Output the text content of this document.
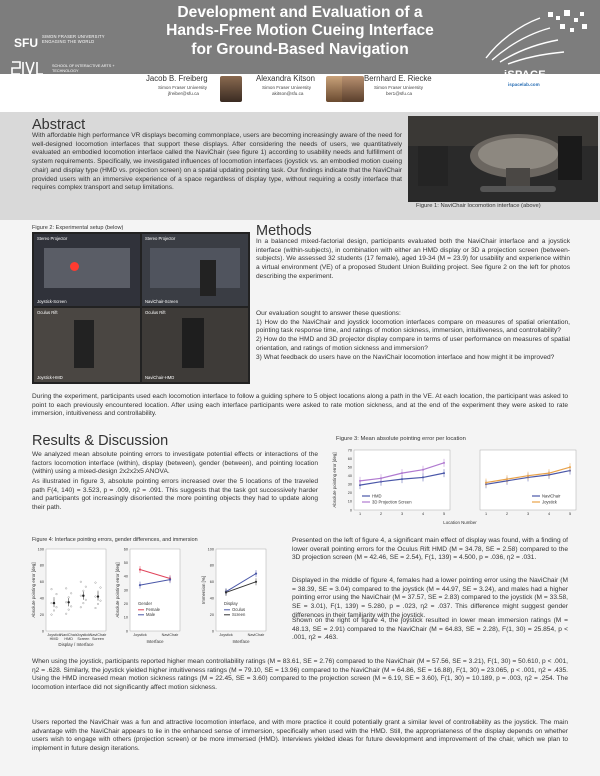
SFU SIMON FRASER UNIVERSITY ENGAGING THE WORLD
SCHOOL OF INTERACTIVE ARTS + TECHNOLOGY
Development and Evaluation of a
Hands-Free Motion Cueing Interface
for Ground-Based Navigation
Jacob B. Freiberg
Simon Fraser University
jfreiber@sfu.ca
Alexandra Kitson
Simon Fraser University
akitson@sfu.ca
Bernhard E. Riecke
Simon Fraser University
ber1@sfu.ca
iSPACE
ispacelab.com
Abstract

With affordable high performance VR displays becoming commonplace, users are becoming increasingly aware of the need for well-designed locomotion interfaces that support these displays. After considering the needs of users, we quantitatively evaluated an embodied locomotion interface called the NaviChair (see figure 1) according to usability needs and fulfillment of system requirements. Specifically, we investigated influences of locomotion interfaces (joystick vs. an embodied motion cueing chair) and display type (HMD vs. projection screen) on a spatial updating pointing task. Our findings indicate that the NaviChair provided users with an immersive experience of a space regardless of display type, without requiring a costly interface that requires complex transport and setup limitations.

Figure 1: NaviChair locomotion interface (above)
Figure 2: Experimental setup (below)
Stereo Projector
Joystick-Screen
Stereo Projector
NaviChair-Screen
Oculus Rift
Joystick-HMD
Oculus Rift
NaviChair-HMD
Methods

In a balanced mixed-factorial design, participants evaluated both the NaviChair interface and a joystick interface (within-subjects), in combination with either an HMD display or 3D a projection screen (between-subjects). We assessed 32 students (17 female), aged 19-34 (M = 23.9) for usability and experience within a virtual environment (VE) of a proposed Student Union Building project. See figure 2 on the left for photos describing the experiment.

Our evaluation sought to answer these questions:
1) How do the NaviChair and joystick locomotion interfaces compare on measures of spatial orientation, pointing task response time, and ratings of motion sickness, immersion, intuitiveness, and controllability?
2) How do the HMD and 3D projector display compare in terms of user performance on measures of spatial orientation, and ratings of motion sickness and immersion?
3) What feedback do users have on the NaviChair locomotion interface and how might it be improved?

During the experiment, participants used each locomotion interface to follow a guiding sphere to 5 object locations along a path in the VE. At each location, the participant was asked to point to each previously encountered location. After using each interface participants were asked to rate motion sickness, and at the end of the experiment they were asked to rate immersion, intuitiveness and controllability.

Results & Discussion

We analyzed mean absolute pointing errors to investigate potential effects or interactions of the factors locomotion interface (within), display (between), gender (between), and pointing location (within) using a mixed-design 2x2x2x5 ANOVA.

As illustrated in figure 3, absolute pointing errors increased over the 5 locations of the traveled path F(4, 140) = 3.523, p = .009, η2 = .091. This suggests that the task got successively harder and participants got increasingly disoriented the more pointing objects they had to update along their path.

Figure 3: Mean absolute pointing error per location
0
10
20
30
40
50
60
70
Absolute pointing error [deg]
1	2	3	4	5
HMD
3D Projection Screen
1	2	3	4	5
NaviChair
Joystick
Location Number
Figure 4: Interface pointing errors, gender differences, and immersion
0
20
40
60
80
100
Absolute pointing error [deg]
Joystick
HMD
NaviChair
HMD
Joystick
Screen
NaviChair
Screen
Display / Interface
0
10
20
30
40
50
60
Absolute pointing error [deg]
Joystick	NaviChair
Interface
Gender
Female
Male
0
20
40
60
80
100
Immersion [%]
Joystick	NaviChair
Interface
Display
Oculus
Screen

Presented on the left of figure 4, a significant main effect of display was found, with a finding of lower overall pointing errors for the Oculus Rift HMD (M = 34.78, SE = 2.58) compared to the 3D projection screen (M = 42.46, SE = 2.54), F(1, 139) = 4.500, p = .036, η2 = .031.

Displayed in the middle of figure 4, females had a lower pointing error using the NaviChair (M = 38.39, SE = 3.04) compared to the joystick (M = 44.97, SE = 3.24), and males had a higher pointing error using the NaviChair (M = 37.57, SE = 2.83) compared to the joystick (M = 33.58, SE = 3.01), F(1, 139) = 5.280, p = .023, η2 = .037. This difference might suggest gender differences in their familiarity with the joystick.

Shown on the right of figure 4, the joystick resulted in lower mean immersion ratings (M = 48.13, SE = 2.91) compared to the NaviChair (M = 64.83, SE = 2.28), F(1, 30) = 25.854, p < .001, η2 = .463.

When using the joystick, participants reported higher mean controllability ratings (M = 83.61, SE = 2.76) compared to the NaviChair (M = 57.56, SE = 3.21), F(1, 30) = 50.610, p < .001, η2 = .628. Similarly, the joystick yielded higher intuitiveness ratings (M = 79.10, SE = 13.96) compared to the NaviChair (M = 64.86, SE = 16.88), F(1, 30) = 23.065, p < .001, η2 = .435. Using the HMD increased mean motion sickness ratings (M = 22.45, SE = 3.60) compared to the projection screen (M = 6.19, SE = 3.60), F(1, 30) = 10.189, p = .003, η2 = .254. The locomotion interface did not significantly affect motion sickness.

Users reported the NaviChair was a fun and attractive locomotion interface, and with more practice it could potentially grant a similar level of controllability as the joystick. The main advantage with the NaviChair appears to lie in the enhanced sense of immersion, specifically when used with the HMD. Still, the appropriateness of the display depends on whether users wish to engage with others (projection screen) or be more immersed (HMD). Interviews yielded ideas for future development and improvement of the chair, which we plan to implement in future design iterations.
